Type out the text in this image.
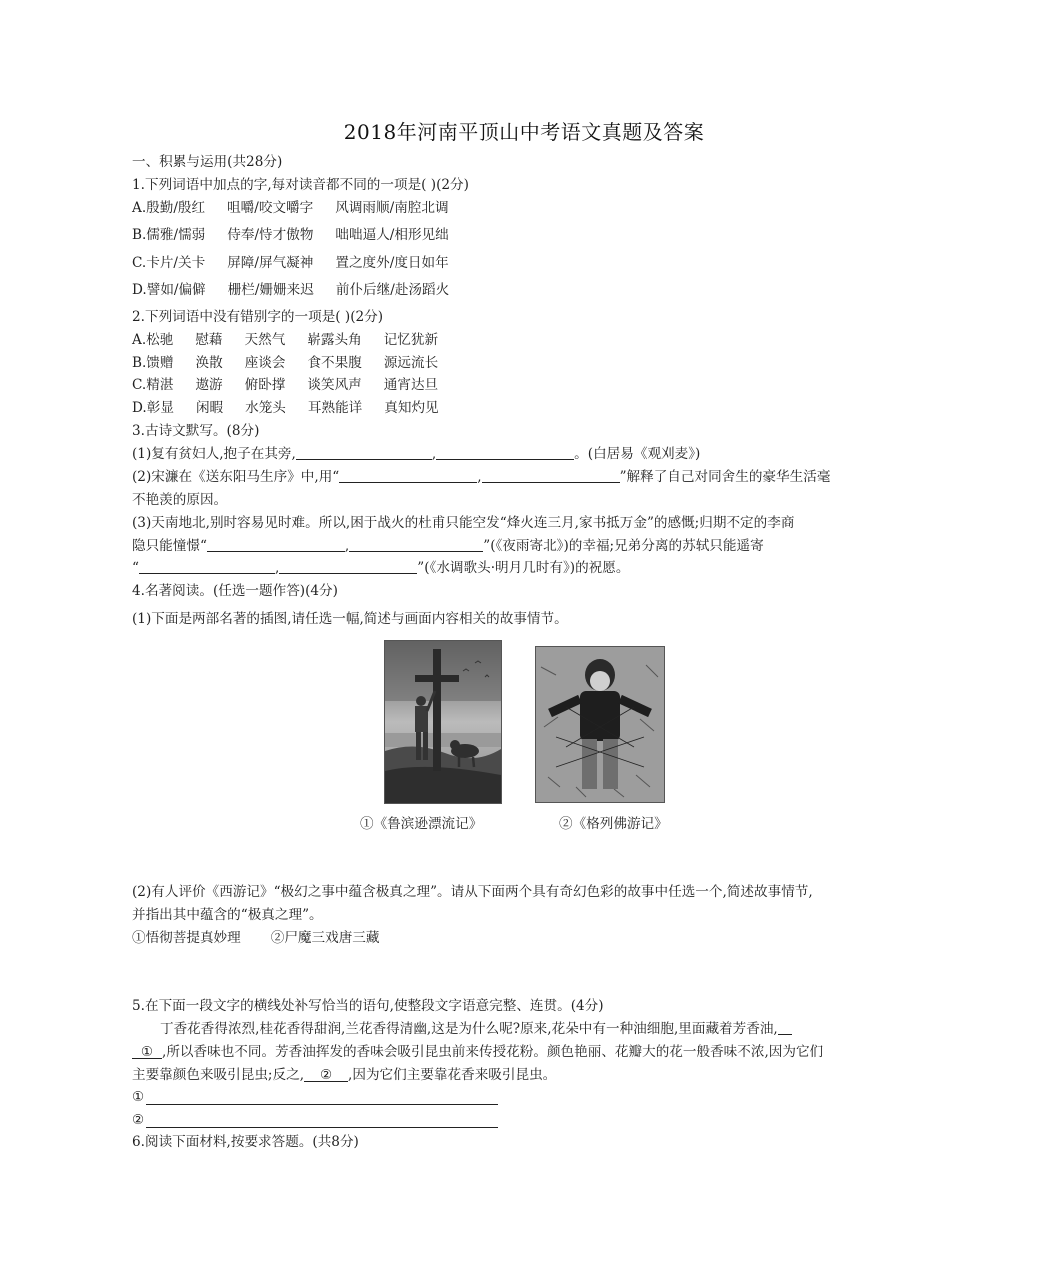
2018年河南平顶山中考语文真题及答案
一、积累与运用(共28分)
1.下列词语中加点的字,每对读音都不同的一项是( )(2分)
A.殷勤/殷红 咀嚼/咬文嚼字 风调雨顺/南腔北调
B.儒雅/懦弱 侍奉/恃才傲物 咄咄逼人/相形见绌
C.卡片/关卡 屏障/屏气凝神 置之度外/度日如年
D.譬如/偏僻 栅栏/姗姗来迟 前仆后继/赴汤蹈火
2.下列词语中没有错别字的一项是( )(2分)
A.松驰 慰藉 天然气 崭露头角 记忆犹新
B.馈赠 涣散 座谈会 食不果腹 源远流长
C.精湛 遨游 俯卧撑 谈笑风声 通宵达旦
D.彰显 闲暇 水笼头 耳熟能详 真知灼见
3.古诗文默写。(8分)
(1)复有贫妇人,抱子在其旁,	,	。(白居易《观刈麦》)
(2)宋濂在《送东阳马生序》中,用“	,	”解释了自己对同舍生的豪华生活毫
不艳羡的原因。
(3)天南地北,别时容易见时难。所以,困于战火的杜甫只能空发“烽火连三月,家书抵万金”的感慨;归期不定的李商
隐只能憧憬“	,	”(《夜雨寄北》)的幸福;兄弟分离的苏轼只能遥寄
“	,	”(《水调歌头·明月几时有》)的祝愿。
4.名著阅读。(任选一题作答)(4分)
(1)下面是两部名著的插图,请任选一幅,简述与画面内容相关的故事情节。
①《鲁滨逊漂流记》	②《格列佛游记》
(2)有人评价《西游记》“极幻之事中蕴含极真之理”。请从下面两个具有奇幻色彩的故事中任选一个,简述故事情节,
并指出其中蕴含的“极真之理”。
①悟彻菩提真妙理 ②尸魔三戏唐三藏
5.在下面一段文字的横线处补写恰当的语句,使整段文字语意完整、连贯。(4分)
丁香花香得浓烈,桂花香得甜润,兰花香得清幽,这是为什么呢?原来,花朵中有一种油细胞,里面藏着芳香油,
① ,所以香味也不同。芳香油挥发的香味会吸引昆虫前来传授花粉。颜色艳丽、花瓣大的花一般香味不浓,因为它们
主要靠颜色来吸引昆虫;反之, ② ,因为它们主要靠花香来吸引昆虫。
①
②
6.阅读下面材料,按要求答题。(共8分)
